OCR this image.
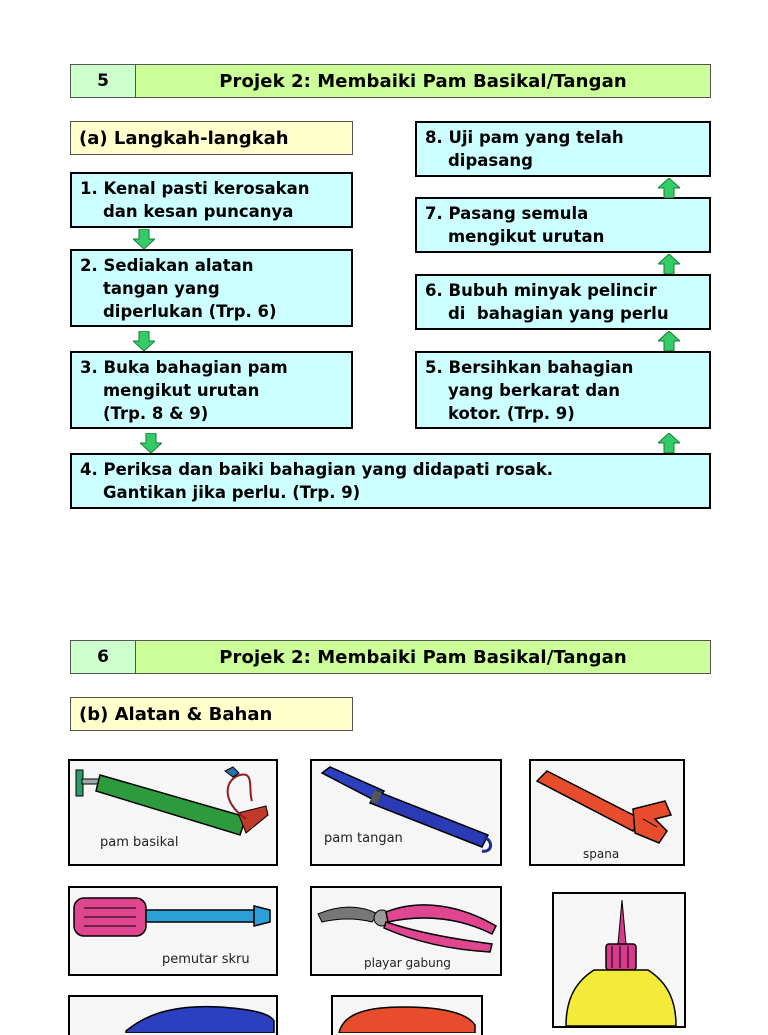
5	Projek 2: Membaiki Pam Basikal/Tangan
(a) Langkah-langkah
1. Kenal pasti kerosakan
dan kesan puncanya
2. Sediakan alatan
tangan yang
diperlukan (Trp. 6)
3. Buka bahagian pam
mengikut urutan
(Trp. 8 & 9)
4. Periksa dan baiki bahagian yang didapati rosak.
Gantikan jika perlu. (Trp. 9)
5. Bersihkan bahagian
yang berkarat dan
kotor. (Trp. 9)
6. Bubuh minyak pelincir
di  bahagian yang perlu
7. Pasang semula
mengikut urutan
8. Uji pam yang telah
dipasang
6	Projek 2: Membaiki Pam Basikal/Tangan
(b) Alatan & Bahan
pam basikal	pam tangan
spana
pemutar skru	playar gabung
